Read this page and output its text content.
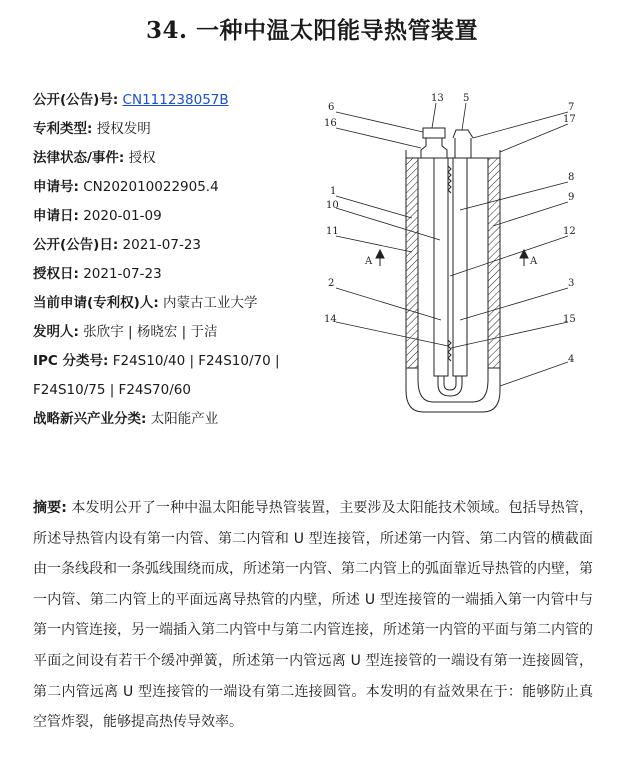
34. 一种中温太阳能导热管装置
公开(公告)号: CN111238057B
专利类型: 授权发明
法律状态/事件: 授权
申请号: CN202010022905.4
申请日: 2020-01-09
公开(公告)日: 2021-07-23
授权日: 2021-07-23
当前申请(专利权)人: 内蒙古工业大学
发明人: 张欣宇 | 杨晓宏 | 于洁
IPC 分类号: F24S10/40 | F24S10/70 | F24S10/75 | F24S70/60
战略新兴产业分类: 太阳能产业
13 5
6
16
7
17
8
1
10
9
11	12
A	A
2	3
14	15
4
摘要: 本发明公开了一种中温太阳能导热管装置，主要涉及太阳能技术领域。包括导热管，所述导热管内设有第一内管、第二内管和 U 型连接管，所述第一内管、第二内管的横截面由一条线段和一条弧线围绕而成，所述第一内管、第二内管上的弧面靠近导热管的内壁，第一内管、第二内管上的平面远离导热管的内壁，所述 U 型连接管的一端插入第一内管中与第一内管连接，另一端插入第二内管中与第二内管连接，所述第一内管的平面与第二内管的平面之间设有若干个缓冲弹簧，所述第一内管远离 U 型连接管的一端设有第一连接圆管，第二内管远离 U 型连接管的一端设有第二连接圆管。本发明的有益效果在于：能够防止真空管炸裂，能够提高热传导效率。
